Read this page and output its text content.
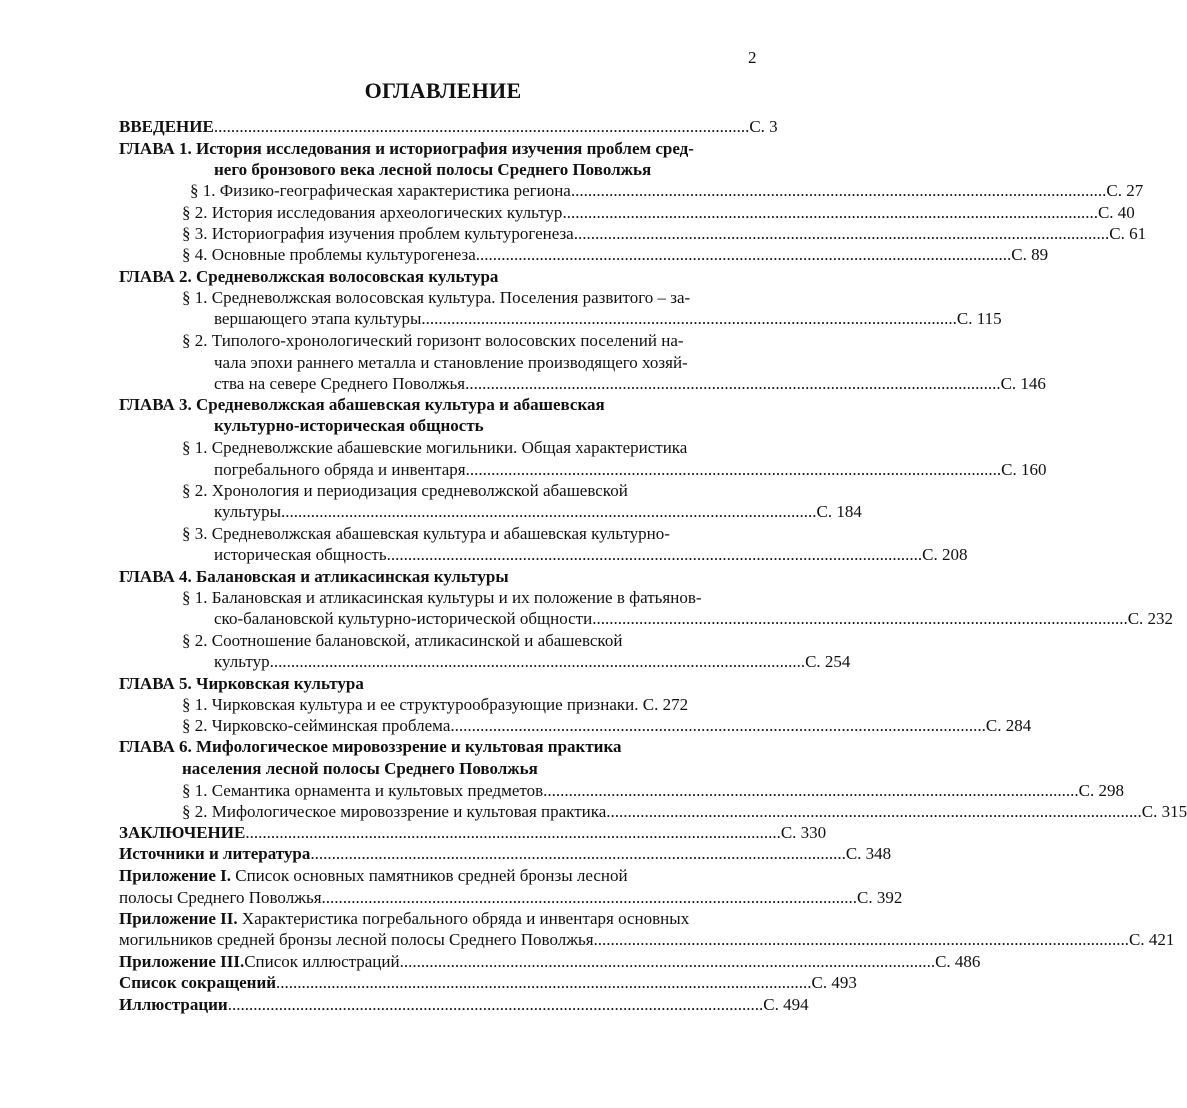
2
ОГЛАВЛЕНИЕ
ВВЕДЕНИЕ .............................................................................................................................. С. 3
ГЛАВА 1. История исследования и историография изучения проблем сред-
него бронзового века лесной полосы Среднего Поволжья
§ 1. Физико-географическая характеристика региона .............................................................................................................................. С. 27
§ 2. История исследования археологических культур .............................................................................................................................. С. 40
§ 3. Историография изучения проблем культурогенеза .............................................................................................................................. С. 61
§ 4. Основные проблемы культурогенеза .............................................................................................................................. С. 89
ГЛАВА 2. Средневолжская волосовская культура
§ 1. Средневолжская волосовская культура. Поселения развитого – за-
вершающего этапа культуры .............................................................................................................................. С. 115
§ 2. Типолого-хронологический горизонт волосовских поселений на-
чала эпохи раннего металла и становление производящего хозяй-
ства на севере Среднего Поволжья .............................................................................................................................. С. 146
ГЛАВА 3. Средневолжская абашевская культура и абашевская
культурно-историческая общность
§ 1. Средневолжские абашевские могильники. Общая характеристика
погребального обряда и инвентаря .............................................................................................................................. С. 160
§ 2. Хронология и периодизация средневолжской абашевской
культуры .............................................................................................................................. С. 184
§ 3. Средневолжская абашевская культура и абашевская культурно-
историческая общность .............................................................................................................................. С. 208
ГЛАВА 4. Балановская и атликасинская культуры
§ 1. Балановская и атликасинская культуры и их положение в фатьянов-
ско-балановской культурно-исторической общности .............................................................................................................................. С. 232
§ 2. Соотношение балановской, атликасинской и абашевской
культур .............................................................................................................................. С. 254
ГЛАВА 5. Чирковская культура
§ 1. Чирковская культура и ее структурообразующие признаки. С. 272
§ 2. Чирковско-сейминская проблема .............................................................................................................................. С. 284
ГЛАВА 6. Мифологическое мировоззрение и культовая практика
населения лесной полосы Среднего Поволжья
§ 1. Семантика орнамента и культовых предметов .............................................................................................................................. С. 298
§ 2. Мифологическое мировоззрение и культовая практика .............................................................................................................................. С. 315
ЗАКЛЮЧЕНИЕ .............................................................................................................................. С. 330
Источники и литература .............................................................................................................................. С. 348
Приложение I. Список основных памятников средней бронзы лесной
полосы Среднего Поволжья .............................................................................................................................. С. 392
Приложение II. Характеристика погребального обряда и инвентаря основных
могильников средней бронзы лесной полосы Среднего Поволжья .............................................................................................................................. С. 421
Приложение III. Список иллюстраций .............................................................................................................................. С. 486
Список сокращений .............................................................................................................................. С. 493
Иллюстрации .............................................................................................................................. С. 494
